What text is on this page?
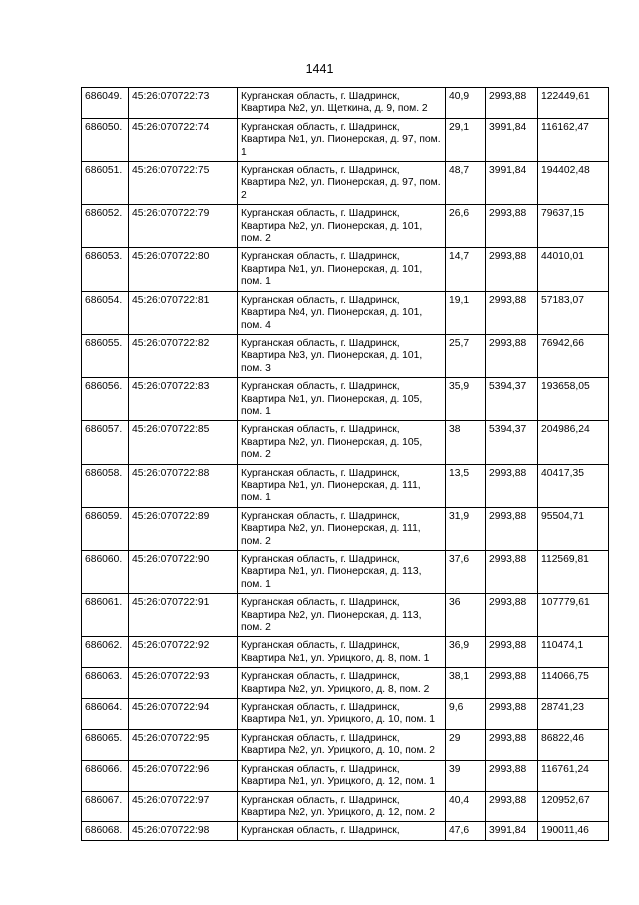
1441
686049.	45:26:070722:73	Курганская область, г. Шадринск, Квартира №2, ул. Щеткина, д. 9, пом. 2	40,9	2993,88	122449,61
686050.	45:26:070722:74	Курганская область, г. Шадринск, Квартира №1, ул. Пионерская, д. 97, пом. 1	29,1	3991,84	116162,47
686051.	45:26:070722:75	Курганская область, г. Шадринск, Квартира №2, ул. Пионерская, д. 97, пом. 2	48,7	3991,84	194402,48
686052.	45:26:070722:79	Курганская область, г. Шадринск, Квартира №2, ул. Пионерская, д. 101, пом. 2	26,6	2993,88	79637,15
686053.	45:26:070722:80	Курганская область, г. Шадринск, Квартира №1, ул. Пионерская, д. 101, пом. 1	14,7	2993,88	44010,01
686054.	45:26:070722:81	Курганская область, г. Шадринск, Квартира №4, ул. Пионерская, д. 101, пом. 4	19,1	2993,88	57183,07
686055.	45:26:070722:82	Курганская область, г. Шадринск, Квартира №3, ул. Пионерская, д. 101, пом. 3	25,7	2993,88	76942,66
686056.	45:26:070722:83	Курганская область, г. Шадринск, Квартира №1, ул. Пионерская, д. 105, пом. 1	35,9	5394,37	193658,05
686057.	45:26:070722:85	Курганская область, г. Шадринск, Квартира №2, ул. Пионерская, д. 105, пом. 2	38	5394,37	204986,24
686058.	45:26:070722:88	Курганская область, г. Шадринск, Квартира №1, ул. Пионерская, д. 111, пом. 1	13,5	2993,88	40417,35
686059.	45:26:070722:89	Курганская область, г. Шадринск, Квартира №2, ул. Пионерская, д. 111, пом. 2	31,9	2993,88	95504,71
686060.	45:26:070722:90	Курганская область, г. Шадринск, Квартира №1, ул. Пионерская, д. 113, пом. 1	37,6	2993,88	112569,81
686061.	45:26:070722:91	Курганская область, г. Шадринск, Квартира №2, ул. Пионерская, д. 113, пом. 2	36	2993,88	107779,61
686062.	45:26:070722:92	Курганская область, г. Шадринск, Квартира №1, ул. Урицкого, д. 8, пом. 1	36,9	2993,88	110474,1
686063.	45:26:070722:93	Курганская область, г. Шадринск, Квартира №2, ул. Урицкого, д. 8, пом. 2	38,1	2993,88	114066,75
686064.	45:26:070722:94	Курганская область, г. Шадринск, Квартира №1, ул. Урицкого, д. 10, пом. 1	9,6	2993,88	28741,23
686065.	45:26:070722:95	Курганская область, г. Шадринск, Квартира №2, ул. Урицкого, д. 10, пом. 2	29	2993,88	86822,46
686066.	45:26:070722:96	Курганская область, г. Шадринск, Квартира №1, ул. Урицкого, д. 12, пом. 1	39	2993,88	116761,24
686067.	45:26:070722:97	Курганская область, г. Шадринск, Квартира №2, ул. Урицкого, д. 12, пом. 2	40,4	2993,88	120952,67
686068.	45:26:070722:98	Курганская область, г. Шадринск,	47,6	3991,84	190011,46
